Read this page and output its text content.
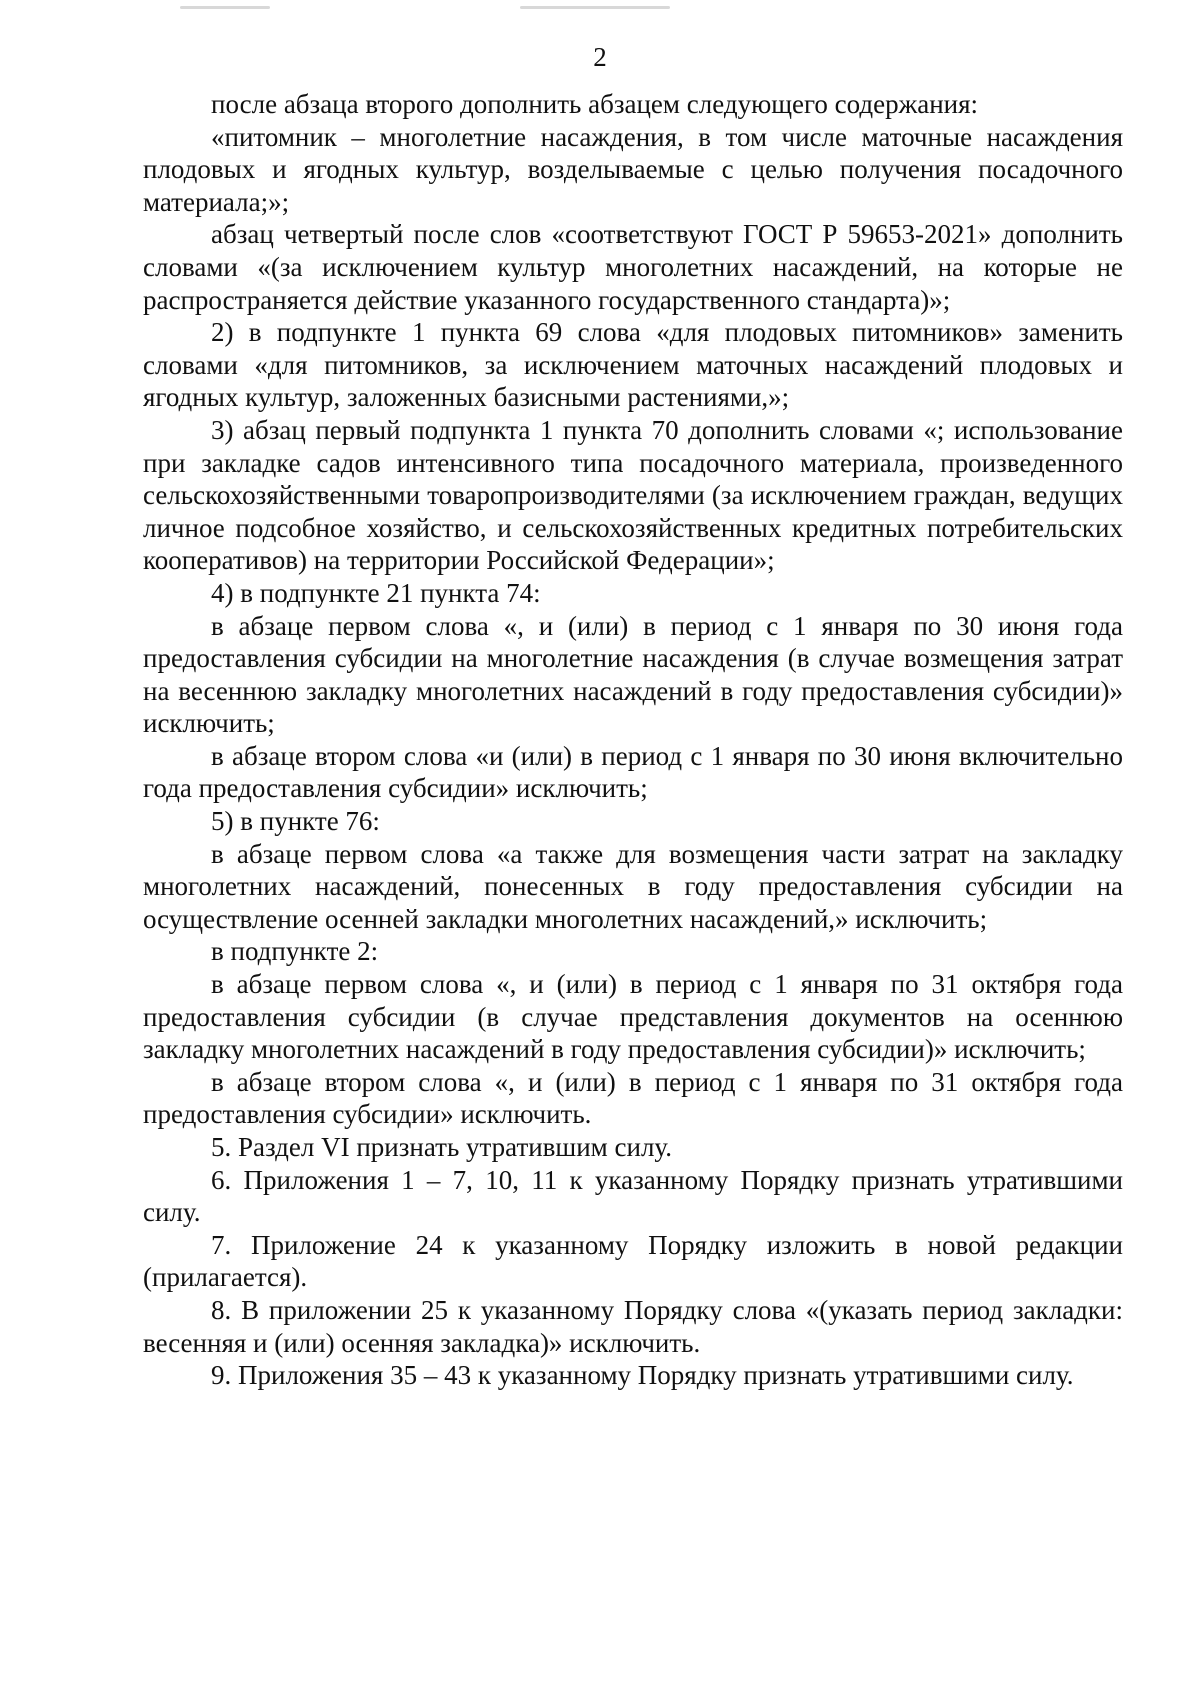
2

после абзаца второго дополнить абзацем следующего содержания:

«питомник – многолетние насаждения, в том числе маточные насаждения плодовых и ягодных культур, возделываемые с целью получения посадочного материала;»;

абзац четвертый после слов «соответствуют ГОСТ Р 59653-2021» дополнить словами «(за исключением культур многолетних насаждений, на которые не распространяется действие указанного государственного стандарта)»;

2) в подпункте 1 пункта 69 слова «для плодовых питомников» заменить словами «для питомников, за исключением маточных насаждений плодовых и ягодных культур, заложенных базисными растениями,»;

3) абзац первый подпункта 1 пункта 70 дополнить словами «; использование при закладке садов интенсивного типа посадочного материала, произведенного сельскохозяйственными товаропроизводителями (за исключением граждан, ведущих личное подсобное хозяйство, и сельскохозяйственных кредитных потребительских кооперативов) на территории Российской Федерации»;

4) в подпункте 21 пункта 74:

в абзаце первом слова «, и (или) в период с 1 января по 30 июня года предоставления субсидии на многолетние насаждения (в случае возмещения затрат на весеннюю закладку многолетних насаждений в году предоставления субсидии)» исключить;

в абзаце втором слова «и (или) в период с 1 января по 30 июня включительно года предоставления субсидии» исключить;

5) в пункте 76:

в абзаце первом слова «а также для возмещения части затрат на закладку многолетних насаждений, понесенных в году предоставления субсидии на осуществление осенней закладки многолетних насаждений,» исключить;

в подпункте 2:

в абзаце первом слова «, и (или) в период с 1 января по 31 октября года предоставления субсидии (в случае представления документов на осеннюю закладку многолетних насаждений в году предоставления субсидии)» исключить;

в абзаце втором слова «, и (или) в период с 1 января по 31 октября года предоставления субсидии» исключить.

5. Раздел VI признать утратившим силу.

6. Приложения 1 – 7, 10, 11 к указанному Порядку признать утратившими силу.

7. Приложение 24 к указанному Порядку изложить в новой редакции (прилагается).

8. В приложении 25 к указанному Порядку слова «(указать период закладки: весенняя и (или) осенняя закладка)» исключить.

9. Приложения 35 – 43 к указанному Порядку признать утратившими силу.
